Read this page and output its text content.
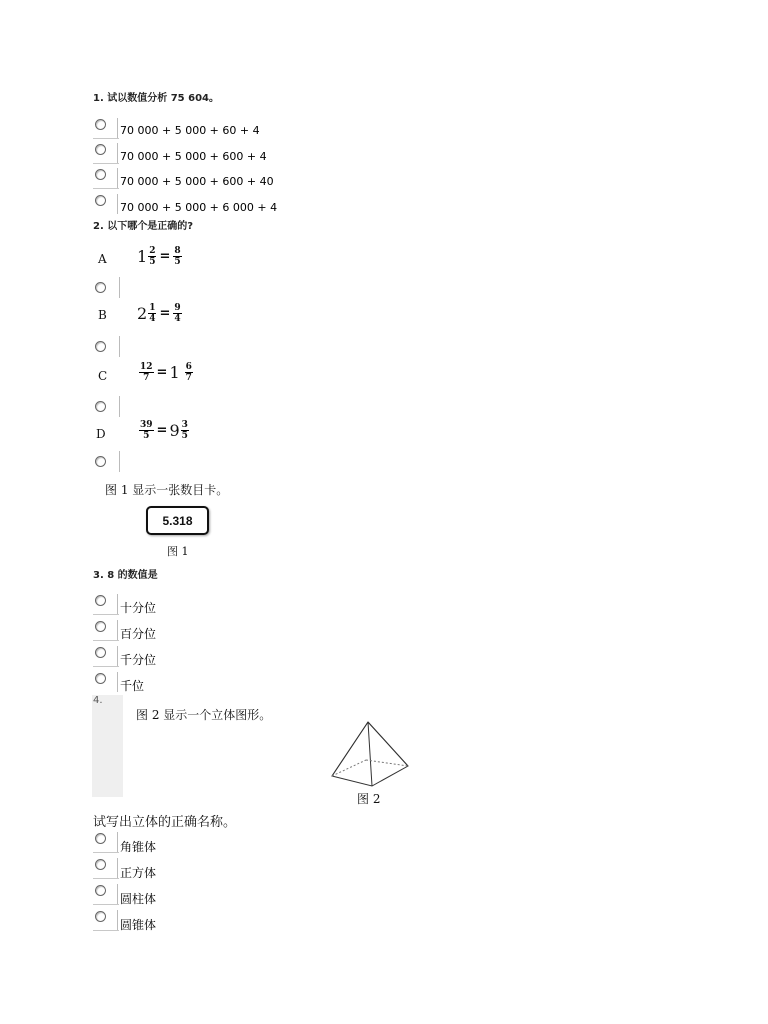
1. 试以数值分析 75 604。
70 000 + 5 000 + 60 + 4
70 000 + 5 000 + 600 + 4
70 000 + 5 000 + 600 + 40
70 000 + 5 000 + 6 000 + 4
2. 以下哪个是正确的?
A $1 \frac{2}{5} = \frac{8}{5}$
B $2 \frac{1}{4} = \frac{9}{4}$
C	$\frac{12}{7} = 1 \frac{6}{7}$
D	$\frac{39}{5} = 9 \frac{3}{5}$
图 1 显示一张数目卡。
5.318
图 1
3. 8 的数值是
十分位
百分位
千分位
千位
4.
图 2 显示一个立体图形。
图 2
试写出立体的正确名称。
角锥体
正方体
圆柱体
圆锥体
